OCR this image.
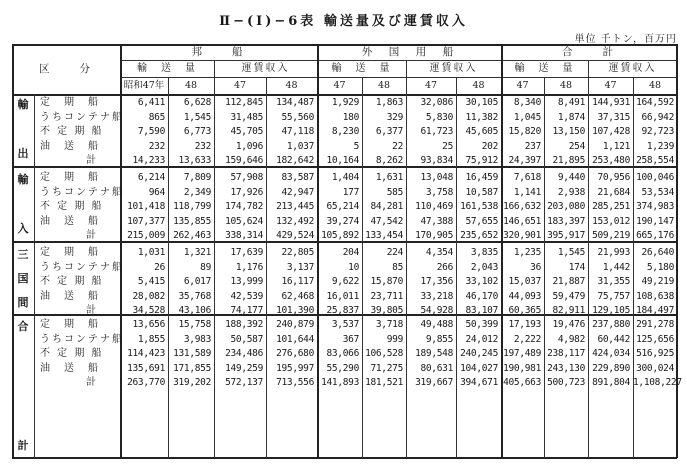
Ⅱ−(Ⅰ)−6表 輸送量及び運賃収入
単位 千トン，百万円
区　　分
邦　　船
輸　送　量	運賃収入
外　国　用　船
輸　送　量	運賃収入
合　　計
輸　送　量	運賃収入
昭和47年	48	47	48	47	48	47	48	47	48	47	48
輸
出
定　期　船	6,411	6,628	112,845	134,487	1,929	1,863	32,086	30,105	8,340	8,491 144,931 164,592
うちコンテナ船	865	1,545	31,485	55,560	180	329	5,830	11,382	1,045	1,874	37,315	66,942
不 定 期 船	7,590	6,773	45,705	47,118	8,230	6,377	61,723	45,605	15,820	13,150 107,428	92,723
油　送　船	232	232	1,096	1,037	5	22	25	202	237	254	1,121	1,239
計	14,233	13,633	159,646	182,642	10,164	8,262	93,834	75,912	24,397	21,895 253,480 258,554
輸
入
定　期　船	6,214	7,809	57,908	83,587	1,404	1,631	13,048	16,459	7,618	9,440	70,956 100,046
うちコンテナ船	964	2,349	17,926	42,947	177	585	3,758	10,587	1,141	2,938	21,684	53,534
不 定 期 船	101,418 118,799	174,782	213,445	65,214	84,281	110,469 161,538 166,632 203,080 285,251 374,983
油　送　船	107,377 135,855	105,624	132,492	39,274	47,542	47,388	57,655 146,651 183,397 153,012 190,147
計	215,009 262,463	338,314	429,524 105,892 133,454	170,905 235,652 320,901 395,917 509,219 665,176
三
国
間
定　期　船	1,031	1,321	17,639	22,805	204	224	4,354	3,835	1,235	1,545	21,993	26,640
うちコンテナ船	26	89	1,176	3,137	10	85	266	2,043	36	174	1,442	5,180
不 定 期 船	5,415	6,017	13,999	16,117	9,622	15,870	17,356	33,102	15,037	21,887	31,355	49,219
油　送　船	28,082	35,768	42,539	62,468	16,011	23,711	33,218	46,170	44,093	59,479	75,757 108,638
計	34,528	43,106	74,177	101,390	25,837	39,805	54,928	83,107	60,365	82,911 129,105 184,497
合
計
定　期　船	13,656	15,758	188,392	240,879	3,537	3,718	49,488	50,399	17,193	19,476 237,880 291,278
うちコンテナ船	1,855	3,983	50,587	101,644	367	999	9,855	24,012	2,222	4,982	60,442 125,656
不 定 期 船	114,423 131,589	234,486	276,680	83,066 106,528	189,548 240,245 197,489 238,117 424,034 516,925
油　送　船	135,691 171,855	149,259	195,997	55,290	71,275	80,631 104,027 190,981 243,130 229,890 300,024
計	263,770 319,202	572,137	713,556 141,893 181,521	319,667 394,671 405,663 500,723 891,804 1,108,227
